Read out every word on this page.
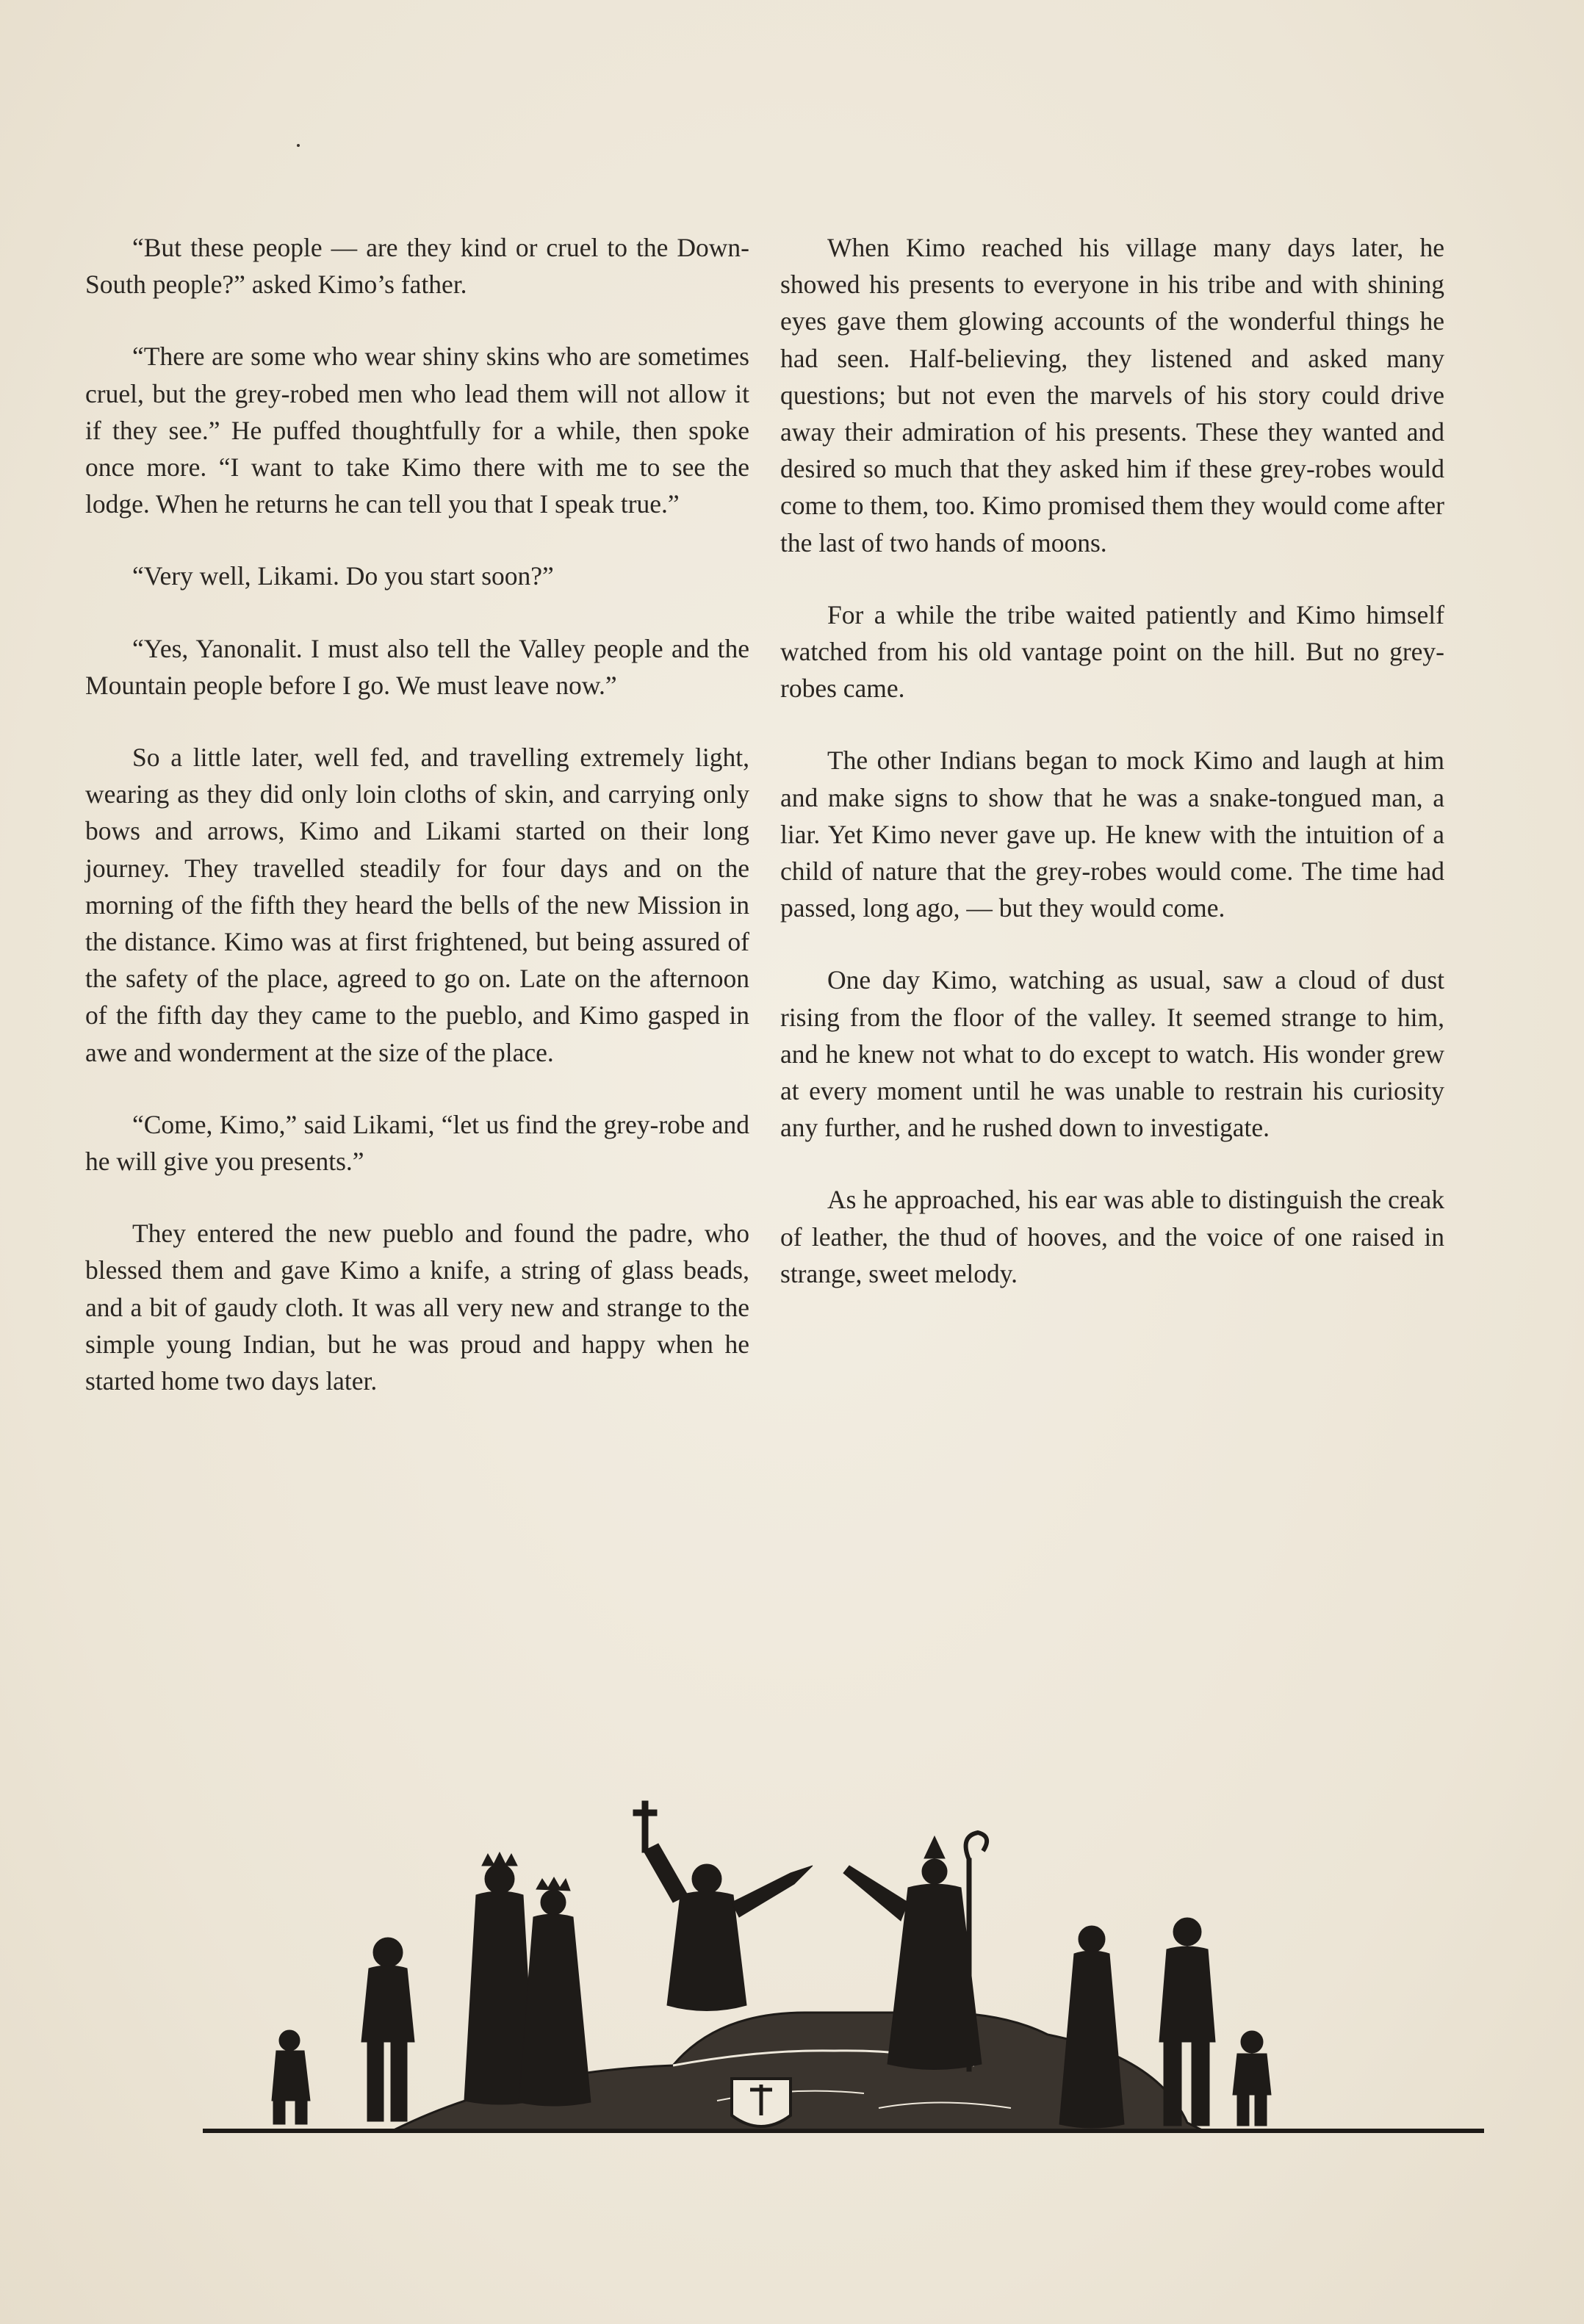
“But these people — are they kind or cruel to the Down-South people?” asked Kimo’s father.

“There are some who wear shiny skins who are sometimes cruel, but the grey-robed men who lead them will not allow it if they see.” He puffed thoughtfully for a while, then spoke once more. “I want to take Kimo there with me to see the lodge. When he returns he can tell you that I speak true.”

“Very well, Likami. Do you start soon?”

“Yes, Yanonalit. I must also tell the Valley people and the Mountain people before I go. We must leave now.”

So a little later, well fed, and travelling extremely light, wearing as they did only loin cloths of skin, and carrying only bows and arrows, Kimo and Likami started on their long journey. They travelled steadily for four days and on the morning of the fifth they heard the bells of the new Mission in the distance. Kimo was at first frightened, but being assured of the safety of the place, agreed to go on. Late on the afternoon of the fifth day they came to the pueblo, and Kimo gasped in awe and wonderment at the size of the place.

“Come, Kimo,” said Likami, “let us find the grey-robe and he will give you presents.”

They entered the new pueblo and found the padre, who blessed them and gave Kimo a knife, a string of glass beads, and a bit of gaudy cloth. It was all very new and strange to the simple young Indian, but he was proud and happy when he started home two days later.

When Kimo reached his village many days later, he showed his presents to everyone in his tribe and with shining eyes gave them glowing accounts of the wonderful things he had seen. Half-believing, they listened and asked many questions; but not even the marvels of his story could drive away their admiration of his presents. These they wanted and desired so much that they asked him if these grey-robes would come to them, too. Kimo promised them they would come after the last of two hands of moons.

For a while the tribe waited patiently and Kimo himself watched from his old vantage point on the hill. But no grey-robes came.

The other Indians began to mock Kimo and laugh at him and make signs to show that he was a snake-tongued man, a liar. Yet Kimo never gave up. He knew with the intuition of a child of nature that the grey-robes would come. The time had passed, long ago, — but they would come.

One day Kimo, watching as usual, saw a cloud of dust rising from the floor of the valley. It seemed strange to him, and he knew not what to do except to watch. His wonder grew at every moment until he was unable to restrain his curiosity any further, and he rushed down to investigate.

As he approached, his ear was able to distinguish the creak of leather, the thud of hooves, and the voice of one raised in strange, sweet melody.
